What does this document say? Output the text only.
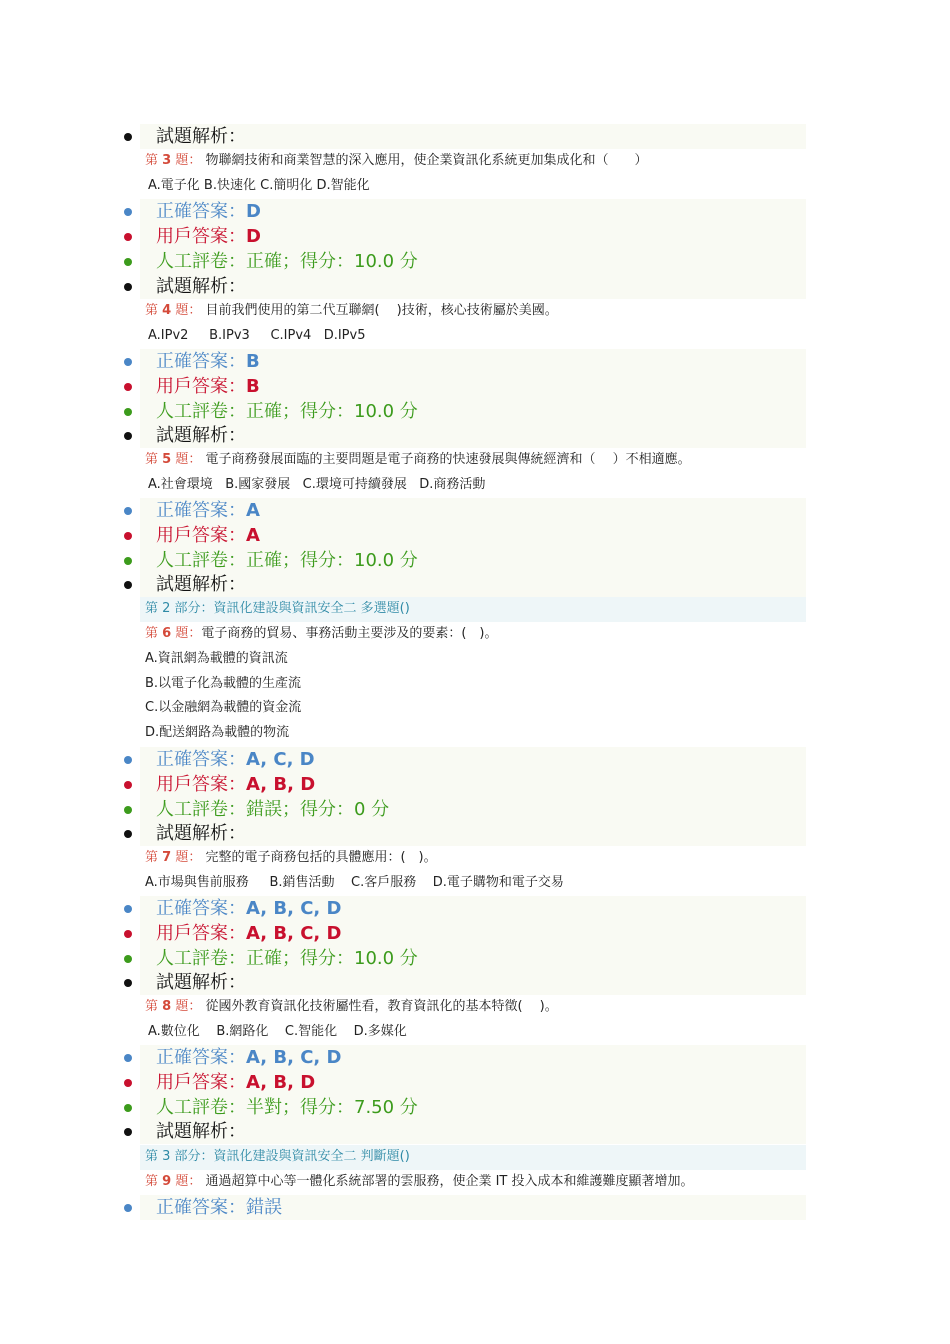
試題解析：
第 3 題： 物聯網技術和商業智慧的深入應用，使企業資訊化系統更加集成化和（　　）
A.電子化 B.快速化 C.簡明化 D.智能化
正確答案：D
用戶答案：D
人工評卷：正確；得分：10.0 分
試題解析：
第 4 題： 目前我們使用的第二代互聯網(　 )技術，核心技術屬於美國。
A.IPv2     B.IPv3     C.IPv4   D.IPv5
正確答案：B
用戶答案：B
人工評卷：正確；得分：10.0 分
試題解析：
第 5 題： 電子商務發展面臨的主要問題是電子商務的快速發展與傳統經濟和（　 ）不相適應。
A.社會環境   B.國家發展   C.環境可持續發展   D.商務活動
正確答案：A
用戶答案：A
人工評卷：正確；得分：10.0 分
試題解析：
第 2 部分：資訊化建設與資訊安全二 多選題()
第 6 題：電子商務的貿易、事務活動主要涉及的要素：(　)。
A.資訊網為載體的資訊流
B.以電子化為載體的生產流
C.以金融網為載體的資金流
D.配送網路為載體的物流
正確答案：A, C, D
用戶答案：A, B, D
人工評卷：錯誤；得分：0 分
試題解析：
第 7 題： 完整的電子商務包括的具體應用：(　)。
A.市場與售前服務     B.銷售活動    C.客戶服務    D.電子購物和電子交易
正確答案：A, B, C, D
用戶答案：A, B, C, D
人工評卷：正確；得分：10.0 分
試題解析：
第 8 題： 從國外教育資訊化技術屬性看，教育資訊化的基本特徵(　 )。
A.數位化    B.網路化    C.智能化    D.多媒化
正確答案：A, B, C, D
用戶答案：A, B, D
人工評卷：半對；得分：7.50 分
試題解析：
第 3 部分：資訊化建設與資訊安全二 判斷題()
第 9 題： 通過超算中心等一體化系統部署的雲服務，使企業 IT 投入成本和維護難度顯著增加。
正確答案：錯誤
